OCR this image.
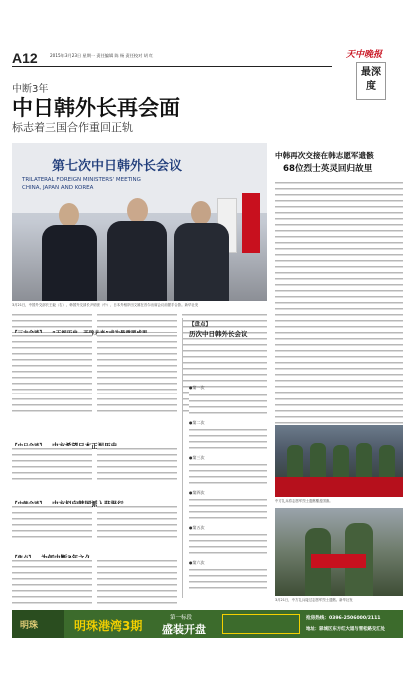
A12	2015年3月23日 星期一 责任编辑 陈 杨 责任校对 胡 红	天中晚报
最深度
中断3年
中日韩外长再会面
标志着三国合作重回正轨
第七次中日韩外长会议
TRILATERAL FOREIGN MINISTERS' MEETING
CHINA, JAPAN AND KOREA
3月21日，中国外交部长王毅（右）、韩国外交部长尹炳世（中）、日本外相岸田文雄在首尔出席会议前握手合影。新华社发
中韩再次交接在韩志愿军遗骸
68位烈士英灵回归故里
中方礼兵将志愿军烈士遗骸覆盖国旗。
3月21日，中方礼兵接过志愿军烈士遗骸。新华社发
【盘点】
历次中日韩外长会议
●第一次
●第二次
●第三次
●第四次
●第五次
●第六次
明珠	明珠港湾3期
第一标段
盛装开盘
抢房热线：0396-2506000/2111
地址：驿城区东方红大道与雪松路交汇处
